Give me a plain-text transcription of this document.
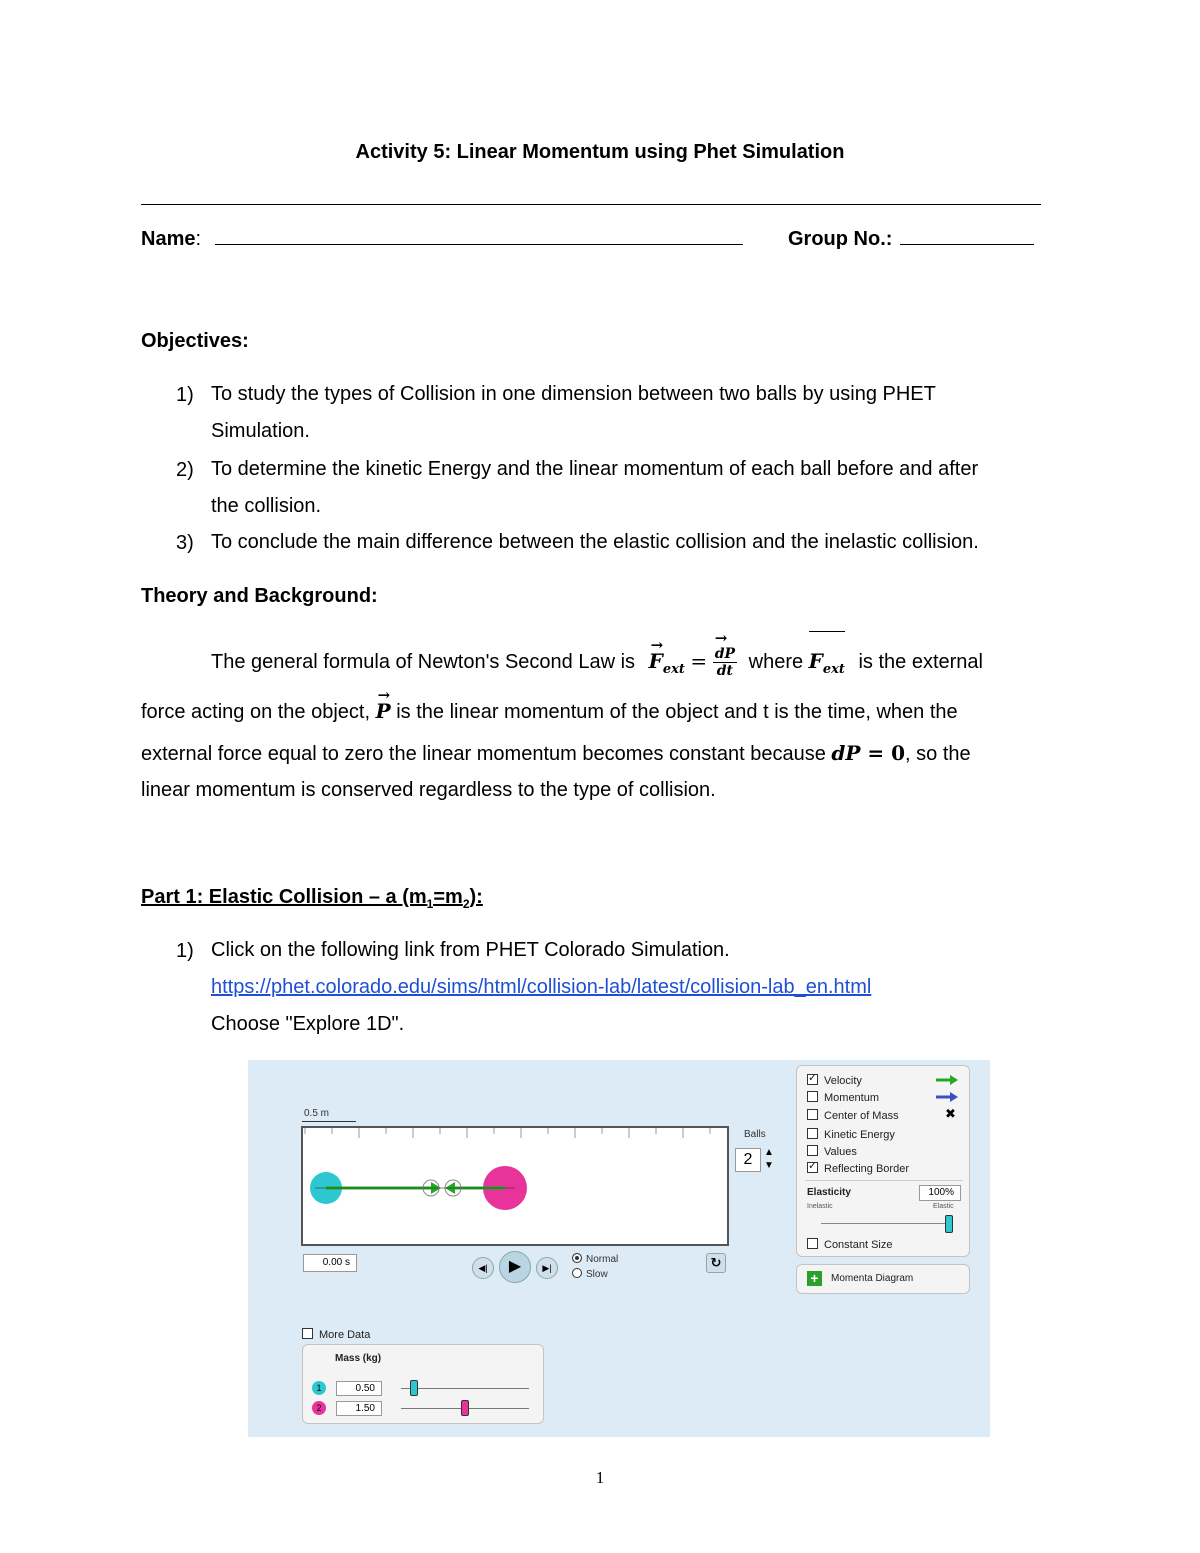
Activity 5: Linear Momentum using Phet Simulation
Name:	Group No.:
Objectives:
1) To study the types of Collision in one dimension between two balls by using PHET
Simulation.
2) To determine the kinetic Energy and the linear momentum of each ball before and after
the collision.
3) To conclude the main difference between the elastic collision and the inelastic collision.
Theory and Background:
The general formula of Newton's Second Law is → $F_{ext}$ = → $\frac{dP}{dt}$ where $F_{ext}$ is the external
force acting on the object, → P is the linear momentum of the object and t is the time, when the
external force equal to zero the linear momentum becomes constant because dP = 0, so the
linear momentum is conserved regardless to the type of collision.
Part 1: Elastic Collision – a $(m_1=m_2)$:
1) Click on the following link from PHET Colorado Simulation.
https://phet.colorado.edu/sims/html/collision-lab/latest/collision-lab_en.html
Choose "Explore 1D".
0.5 m
Balls
2	▲
▼
0.00 s	◀|	▶	▶|
Normal
Slow
↻
✓Velocity
Momentum
Center of Mass
Kinetic Energy
Values
✓Reflecting Border
✖
Elasticity	100%
Inelastic	Elastic
Constant Size
+	Momenta Diagram
More Data
Mass (kg)
1	0.50
2	1.50
1
